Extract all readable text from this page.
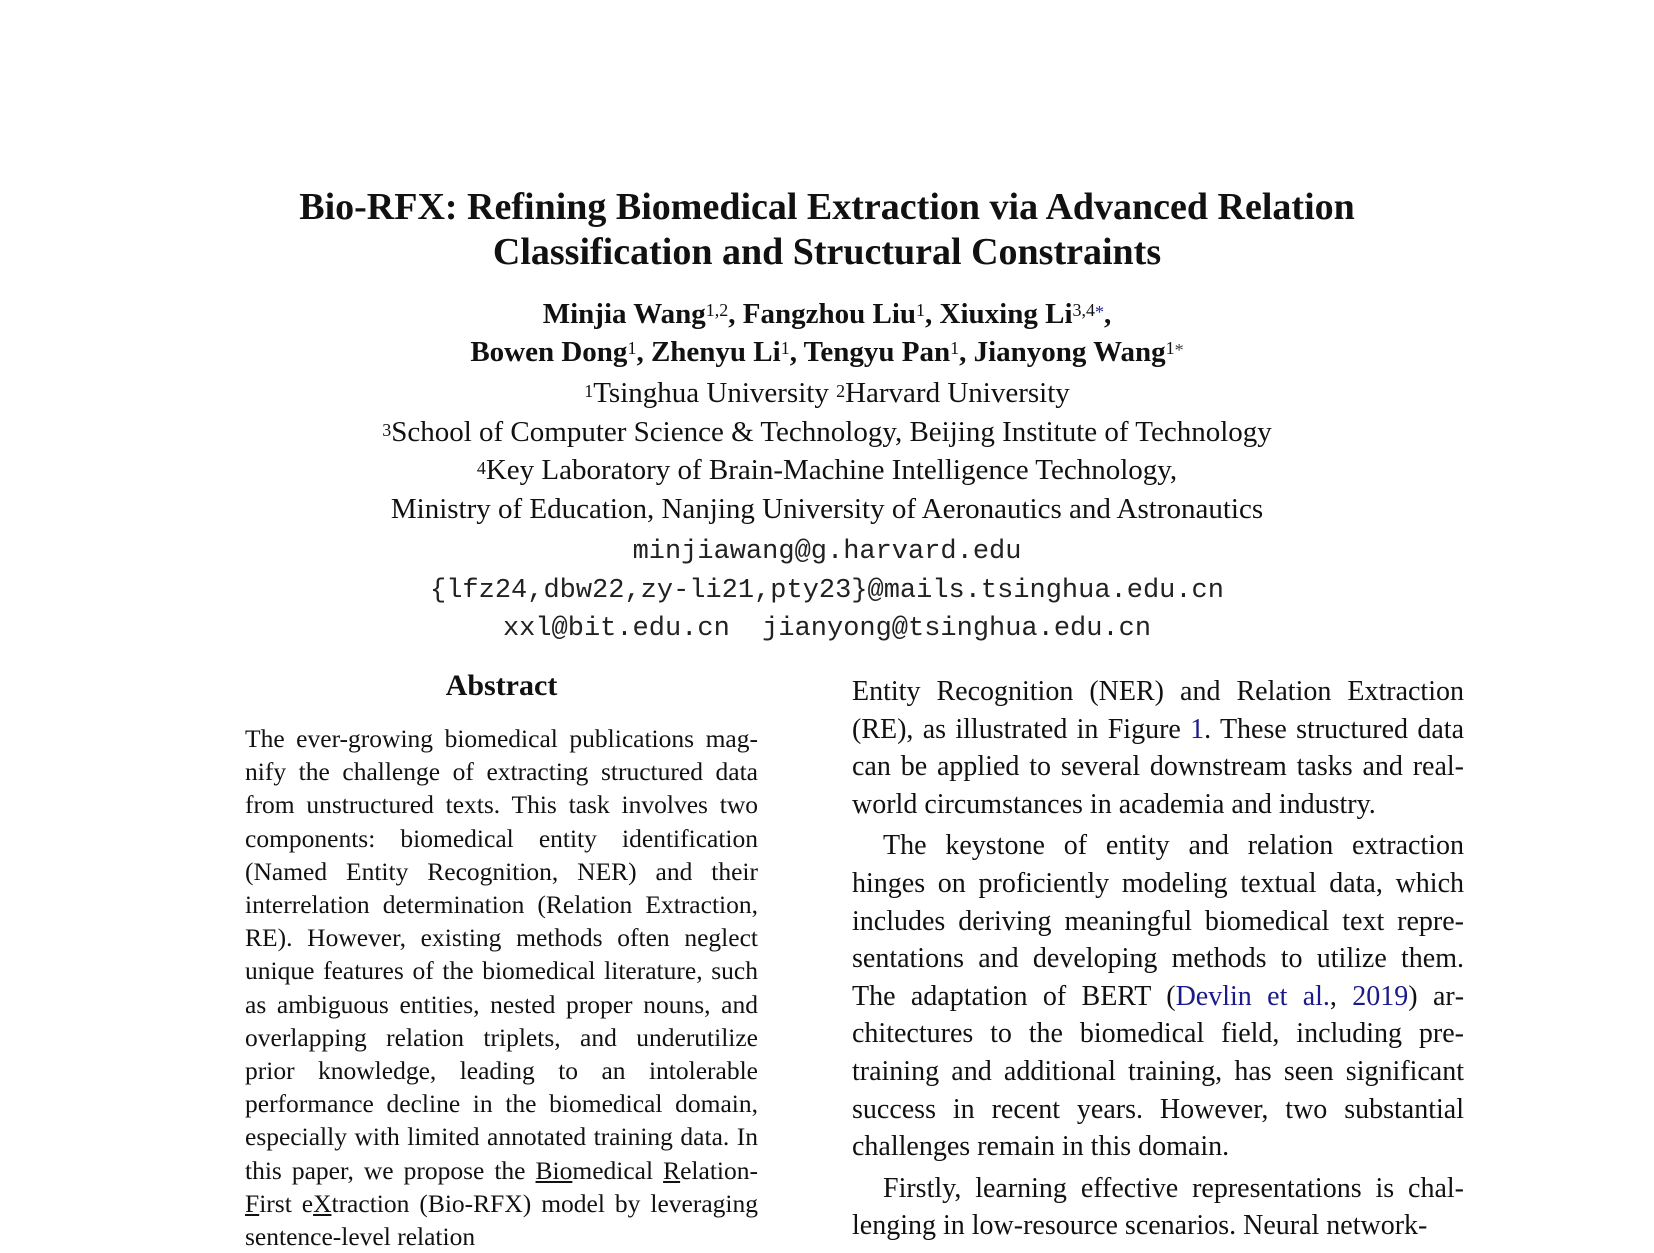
Bio-RFX: Refining Biomedical Extraction via Advanced Relation
Classification and Structural Constraints
Minjia Wang$^{1,2}$, Fangzhou Liu$^1$, Xiuxing $Li^{3,4*}$,
Bowen Dong$^1$, Zhenyu Li$^1$, Tengyu Pan$^1$, Jianyong Wang$^{1*}$
$^1$Tsinghua University $^2$Harvard University
$^3$School of Computer Science & Technology, Beijing Institute of Technology
$^4$Key Laboratory of Brain-Machine Intelligence Technology,
Ministry of Education, Nanjing University of Aeronautics and Astronautics
minjiawang@g.harvard.edu
{lfz24,dbw22,zy-li21,pty23}@mails.tsinghua.edu.cn
xxl@bit.edu.cn  jianyong@tsinghua.edu.cn
Abstract
The ever-growing biomedical publications magnify the challenge of extracting structured data from unstructured texts. This task involves two components: biomedical entity identification (Named Entity Recognition, NER) and their interrelation determination (Relation Extraction, RE). However, existing methods often neglect unique features of the biomedical literature, such as ambiguous entities, nested proper nouns, and overlapping relation triplets, and underutilize prior knowledge, leading to an intolerable performance decline in the biomedical domain, especially with limited annotated training data. In this paper, we propose the Biomedical Relation-First eXtraction (Bio-RFX) model by leveraging sentence-level relation

Entity Recognition (NER) and Relation Extraction (RE), as illustrated in Figure 1. These structured data can be applied to several downstream tasks and real-world circumstances in academia and industry.

The keystone of entity and relation extraction hinges on proficiently modeling textual data, which includes deriving meaningful biomedical text representations and developing methods to utilize them. The adaptation of BERT (Devlin et al., 2019) architectures to the biomedical field, including pretraining and additional training, has seen significant success in recent years. However, two substantial challenges remain in this domain.

Firstly, learning effective representations is challenging in low-resource scenarios. Neural network-
